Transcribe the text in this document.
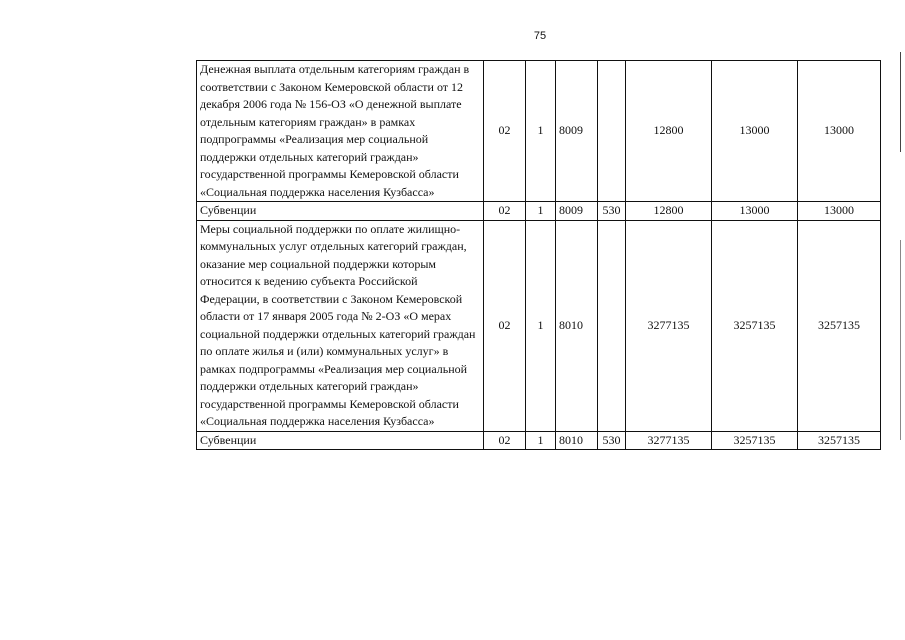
75
Денежная выплата отдельным категориям граждан в соответствии с Законом Кемеровской области от 12 декабря 2006 года № 156-ОЗ «О денежной выплате отдельным категориям граждан» в рамках подпрограммы «Реализация мер социальной поддержки отдельных категорий граждан» государственной программы Кемеровской области «Социальная поддержка населения Кузбасса»	02	1	8009		12800	13000	13000
Субвенции	02	1	8009	530	12800	13000	13000
Меры социальной поддержки по оплате жилищно-коммунальных услуг отдельных категорий граждан, оказание мер социальной поддержки которым относится к ведению субъекта Российской Федерации, в соответствии с Законом Кемеровской области от 17 января 2005 года № 2-ОЗ «О мерах социальной поддержки отдельных категорий граждан по оплате жилья и (или) коммунальных услуг» в рамках подпрограммы «Реализация мер социальной поддержки отдельных категорий граждан» государственной программы Кемеровской области «Социальная поддержка населения Кузбасса»	02	1	8010		3277135	3257135	3257135
Субвенции	02	1	8010	530	3277135	3257135	3257135
